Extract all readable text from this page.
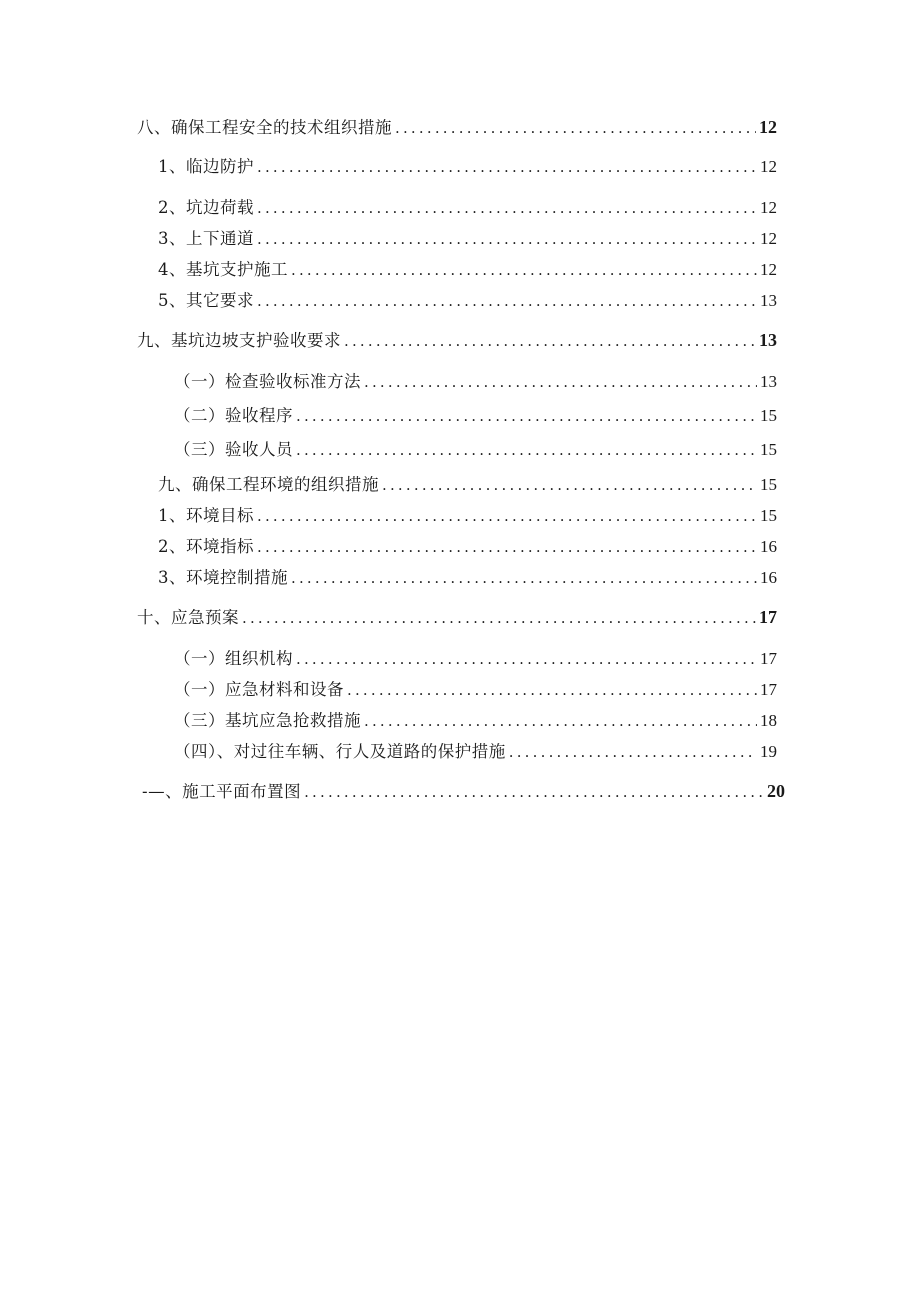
八、确保工程安全的技术组织措施 .....	12
1、临边防护 .....	12
2、坑边荷载 .....	12
3、上下通道 .....	12
4、基坑支护施工 .....	12
5、其它要求 .....	13
九、基坑边坡支护验收要求 .....	13
（一）检查验收标准方法 .....	13
（二）验收程序 .....	15
（三）验收人员 .....	15
九、确保工程环境的组织措施 .....	15
1、环境目标 .....	15
2、环境指标 .....	16
3、环境控制措施 .....	16
十、应急预案 .....	17
（一）组织机构 .....	17
（一）应急材料和设备 .....	17
（三）基坑应急抢救措施 .....	18
（四）、对过往车辆、行人及道路的保护措施 .....	19
-—、施工平面布置图 .....	20
